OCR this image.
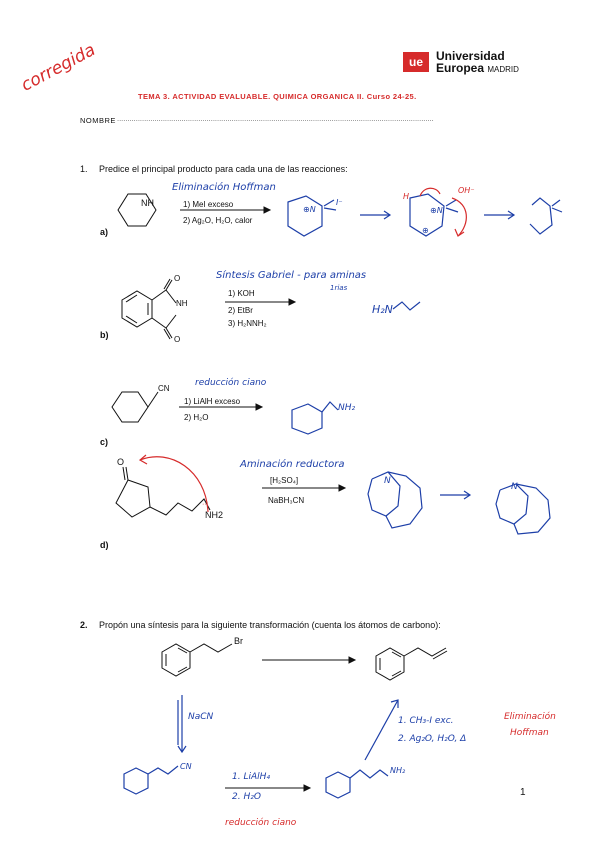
corregida	ue	Universidad
Europea MADRID
TEMA 3. ACTIVIDAD EVALUABLE. QUIMICA ORGANICA II. Curso 24-25.
NOMBRE ........................................................................................................................................................
1. Predice el principal producto para cada una de las reacciones:
NH
a)
Eliminación Hoffman
1) MeI exceso
2) Ag₂O, H₂O, calor
⊕N
I⁻
H
⊕N
⊕
OH⁻
O
NH
O
b)
Síntesis Gabriel - para aminas
1rias
1) KOH
2) EtBr
3) H₂NNH₂
H₂N
CN
c)
reducción ciano
1) LiAlH exceso
2) H₂O
NH₂
O
··
NH2
d)
Aminación reductora
[H₂SO₄]
NaBH₃CN
N
N
2. Propón una síntesis para la siguiente transformación (cuenta los átomos de carbono):
Br
NaCN
CN
1. LiAlH₄
2. H₂O
reducción ciano
NH₂
1. CH₃-I exc.
2. Ag₂O, H₂O, Δ
Eliminación
Hoffman
1
